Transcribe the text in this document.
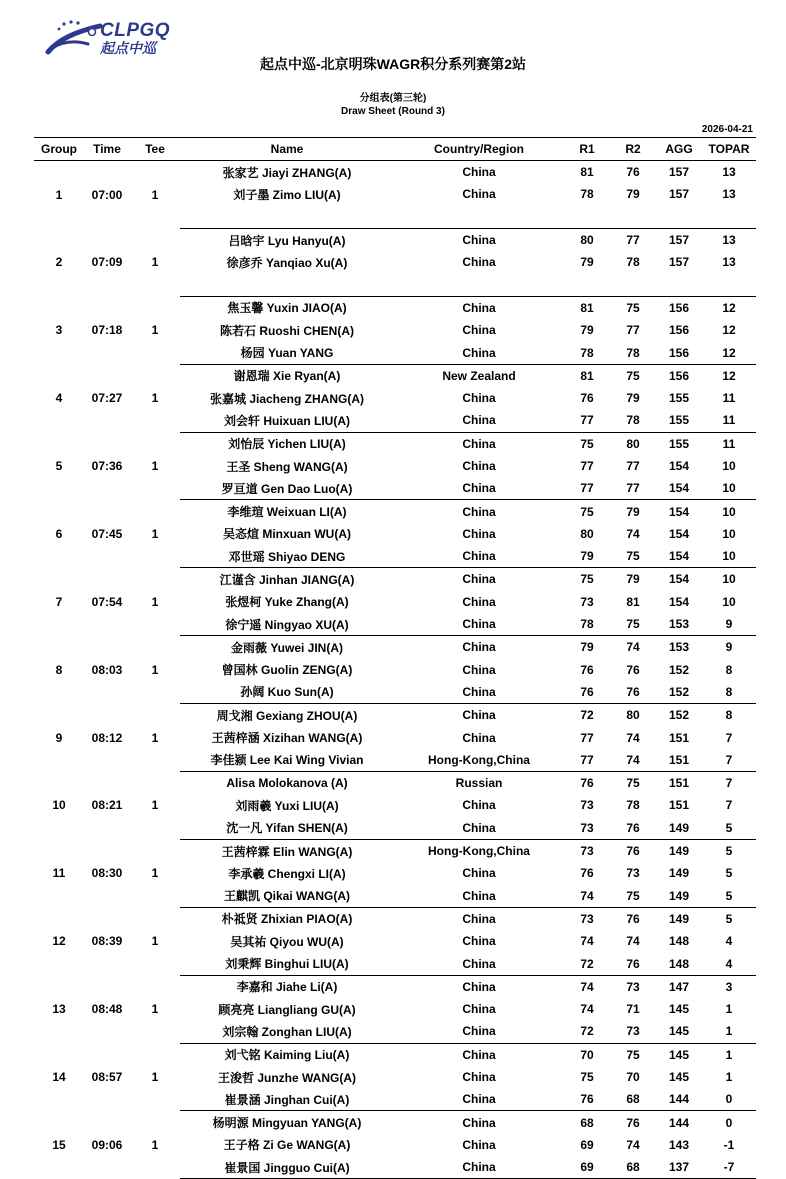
CLPGQ
起点中巡
起点中巡-北京明珠WAGR积分系列赛第2站
分组表(第三轮)
Draw Sheet (Round 3)
2026-04-21
Group	Time	Tee	Name	Country/Region	R1	R2	AGG	TOPAR
1	07:00	1	张家艺 Jiayi ZHANG(A)	China	81	76	157	13
			刘子墨 Zimo LIU(A)	China	78	79	157	13

2	07:09	1	吕晗宇 Lyu Hanyu(A)	China	80	77	157	13
			徐彦乔 Yanqiao Xu(A)	China	79	78	157	13

3	07:18	1	焦玉馨 Yuxin JIAO(A)	China	81	75	156	12
			陈若石 Ruoshi CHEN(A)	China	79	77	156	12
			杨园 Yuan YANG	China	78	78	156	12
4	07:27	1	谢恩瑞 Xie Ryan(A)	New Zealand	81	75	156	12
			张嘉城 Jiacheng ZHANG(A)	China	76	79	155	11
			刘会轩 Huixuan LIU(A)	China	77	78	155	11
5	07:36	1	刘怡辰 Yichen LIU(A)	China	75	80	155	11
			王圣 Sheng WANG(A)	China	77	77	154	10
			罗亘道 Gen Dao Luo(A)	China	77	77	154	10
6	07:45	1	李维瑄 Weixuan LI(A)	China	75	79	154	10
			吴忞煊 Minxuan WU(A)	China	80	74	154	10
			邓世瑶 Shiyao DENG	China	79	75	154	10
7	07:54	1	江谨含 Jinhan JIANG(A)	China	75	79	154	10
			张煜柯 Yuke Zhang(A)	China	73	81	154	10
			徐宁遥 Ningyao XU(A)	China	78	75	153	9
8	08:03	1	金雨薇 Yuwei JIN(A)	China	79	74	153	9
			曾国林 Guolin ZENG(A)	China	76	76	152	8
			孙阔 Kuo Sun(A)	China	76	76	152	8
9	08:12	1	周戈湘 Gexiang ZHOU(A)	China	72	80	152	8
			王茜梓涵 Xizihan WANG(A)	China	77	74	151	7
			李佳颍 Lee Kai Wing Vivian	Hong-Kong,China	77	74	151	7
10	08:21	1	Alisa Molokanova (A)	Russian	76	75	151	7
			刘雨羲 Yuxi LIU(A)	China	73	78	151	7
			沈一凡 Yifan SHEN(A)	China	73	76	149	5
11	08:30	1	王茜梓霖 Elin WANG(A)	Hong-Kong,China	73	76	149	5
			李承羲 Chengxi LI(A)	China	76	73	149	5
			王麒凯 Qikai WANG(A)	China	74	75	149	5
12	08:39	1	朴祗贤 Zhixian PIAO(A)	China	73	76	149	5
			吴其祐 Qiyou WU(A)	China	74	74	148	4
			刘秉辉 Binghui LIU(A)	China	72	76	148	4
13	08:48	1	李嘉和 Jiahe Li(A)	China	74	73	147	3
			顾亮亮 Liangliang GU(A)	China	74	71	145	1
			刘宗翰 Zonghan LIU(A)	China	72	73	145	1
14	08:57	1	刘弋铭 Kaiming Liu(A)	China	70	75	145	1
			王浚哲 Junzhe WANG(A)	China	75	70	145	1
			崔景涵 Jinghan Cui(A)	China	76	68	144	0
15	09:06	1	杨明源 Mingyuan YANG(A)	China	68	76	144	0
			王子格 Zi Ge WANG(A)	China	69	74	143	-1
			崔景国 Jingguo Cui(A)	China	69	68	137	-7
